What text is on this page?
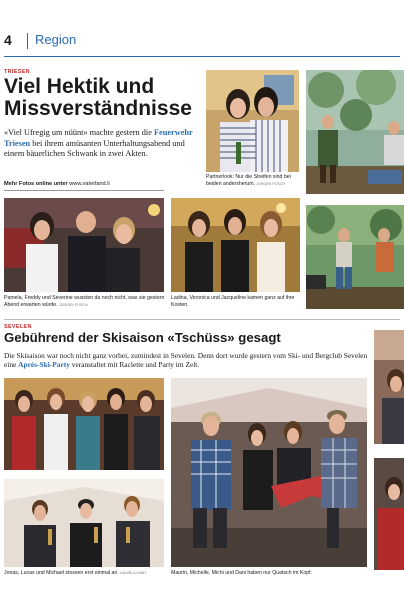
4 Region
TRIESEN
Viel Hektik und Missverständnisse
«Viel Ufregig um nüünt» machte gestern die Feuerwehr Triesen bei ihrem amüsanten Unterhaltungsabend und einem bäuerlichen Schwank in zwei Akten.
Mehr Fotos online unter www.vaterland.li
Partnerlook: Nur die Streifen sind bei beiden andersherum. JÜRGEN POSCH
Pamela, Freddy und Severine wussten da noch nicht, was sie gestern Abend erwarten würde. JÜRGEN POSCH
Ladina, Veronica und Jacqueline kamen ganz auf ihre Kosten.
SEVELEN
Gebührend der Skisaison «Tschüss» gesagt
Die Skisaison war noch nicht ganz vorbei, zumindest in Sevelen. Denn dort wurde gestern vom Ski- und Bergclub Sevelen eine Après-Ski-Party veranstaltet mit Raclette und Party im Zelt.
Jonas, Lucas und Michael stossen erst einmal an. DANIELA LIBBY	Maurin, Michelle, Michi und Dani haben nur Quatsch im Kopf.
